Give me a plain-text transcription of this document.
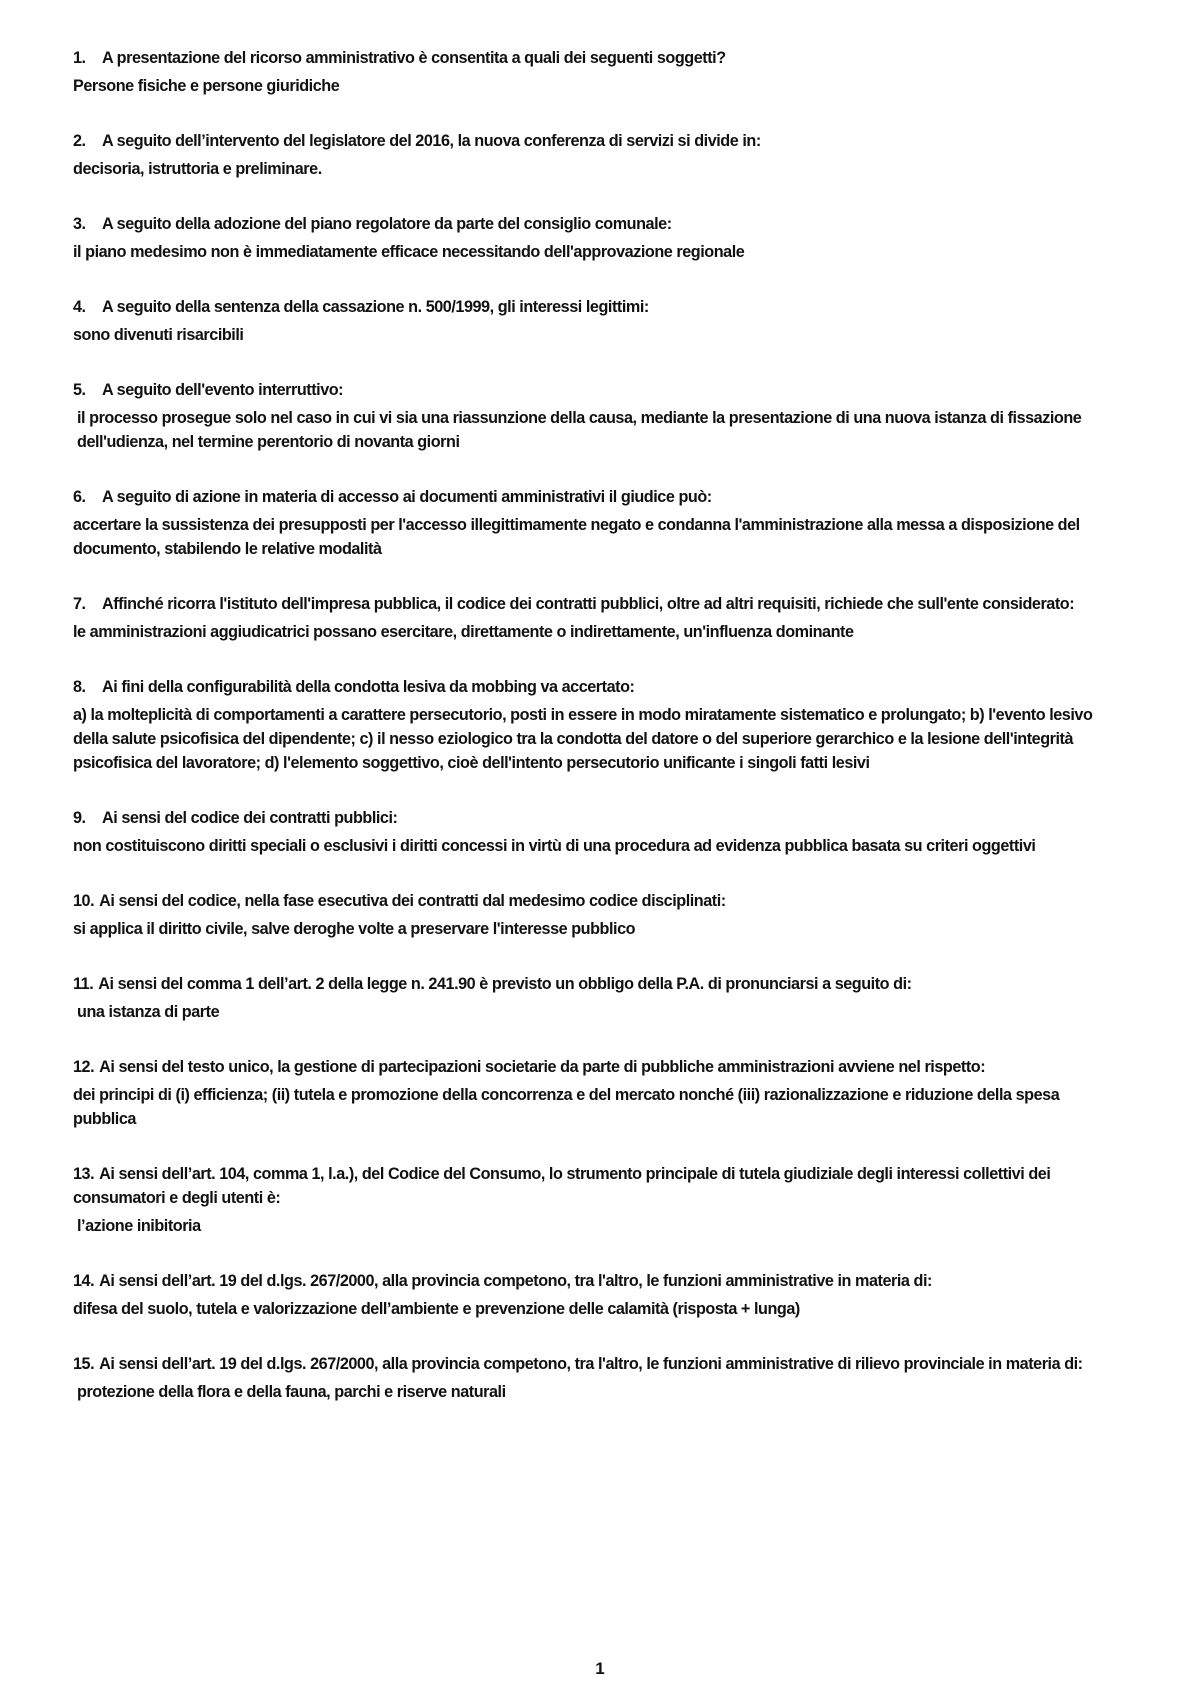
1. A presentazione del ricorso amministrativo è consentita a quali dei seguenti soggetti?

Persone fisiche e persone giuridiche

2. A seguito dell’intervento del legislatore del 2016, la nuova conferenza di servizi si divide in:

decisoria, istruttoria e preliminare.

3. A seguito della adozione del piano regolatore da parte del consiglio comunale:

il piano medesimo non è immediatamente efficace necessitando dell'approvazione regionale

4. A seguito della sentenza della cassazione n. 500/1999, gli interessi legittimi:

sono divenuti risarcibili

5. A seguito dell'evento interruttivo:

il processo prosegue solo nel caso in cui vi sia una riassunzione della causa, mediante la presentazione di una nuova istanza di fissazione dell'udienza, nel termine perentorio di novanta giorni

6. A seguito di azione in materia di accesso ai documenti amministrativi il giudice può:

accertare la sussistenza dei presupposti per l'accesso illegittimamente negato e condanna l'amministrazione alla messa a disposizione del documento, stabilendo le relative modalità

7. Affinché ricorra l'istituto dell'impresa pubblica, il codice dei contratti pubblici, oltre ad altri requisiti, richiede che sull'ente considerato:

le amministrazioni aggiudicatrici possano esercitare, direttamente o indirettamente, un'influenza dominante

8. Ai fini della configurabilità della condotta lesiva da mobbing va accertato:

a) la molteplicità di comportamenti a carattere persecutorio, posti in essere in modo miratamente sistematico e prolungato; b) l'evento lesivo della salute psicofisica del dipendente; c) il nesso eziologico tra la condotta del datore o del superiore gerarchico e la lesione dell'integrità psicofisica del lavoratore; d) l'elemento soggettivo, cioè dell'intento persecutorio unificante i singoli fatti lesivi

9. Ai sensi del codice dei contratti pubblici:

non costituiscono diritti speciali o esclusivi i diritti concessi in virtù di una procedura ad evidenza pubblica basata su criteri oggettivi

10. Ai sensi del codice, nella fase esecutiva dei contratti dal medesimo codice disciplinati:

si applica il diritto civile, salve deroghe volte a preservare l'interesse pubblico

11. Ai sensi del comma 1 dell’art. 2 della legge n. 241.90 è previsto un obbligo della P.A. di pronunciarsi a seguito di:

una istanza di parte

12. Ai sensi del testo unico, la gestione di partecipazioni societarie da parte di pubbliche amministrazioni avviene nel rispetto:

dei principi di (i) efficienza; (ii) tutela e promozione della concorrenza e del mercato nonché (iii) razionalizzazione e riduzione della spesa pubblica

13. Ai sensi dell’art. 104, comma 1, l.a.), del Codice del Consumo, lo strumento principale di tutela giudiziale degli interessi collettivi dei consumatori e degli utenti è:

l’azione inibitoria

14. Ai sensi dell’art. 19 del d.lgs. 267/2000, alla provincia competono, tra l'altro, le funzioni amministrative in materia di:

difesa del suolo, tutela e valorizzazione dell’ambiente e prevenzione delle calamità (risposta + lunga)

15. Ai sensi dell’art. 19 del d.lgs. 267/2000, alla provincia competono, tra l'altro, le funzioni amministrative di rilievo provinciale in materia di:

protezione della flora e della fauna, parchi e riserve naturali

1
